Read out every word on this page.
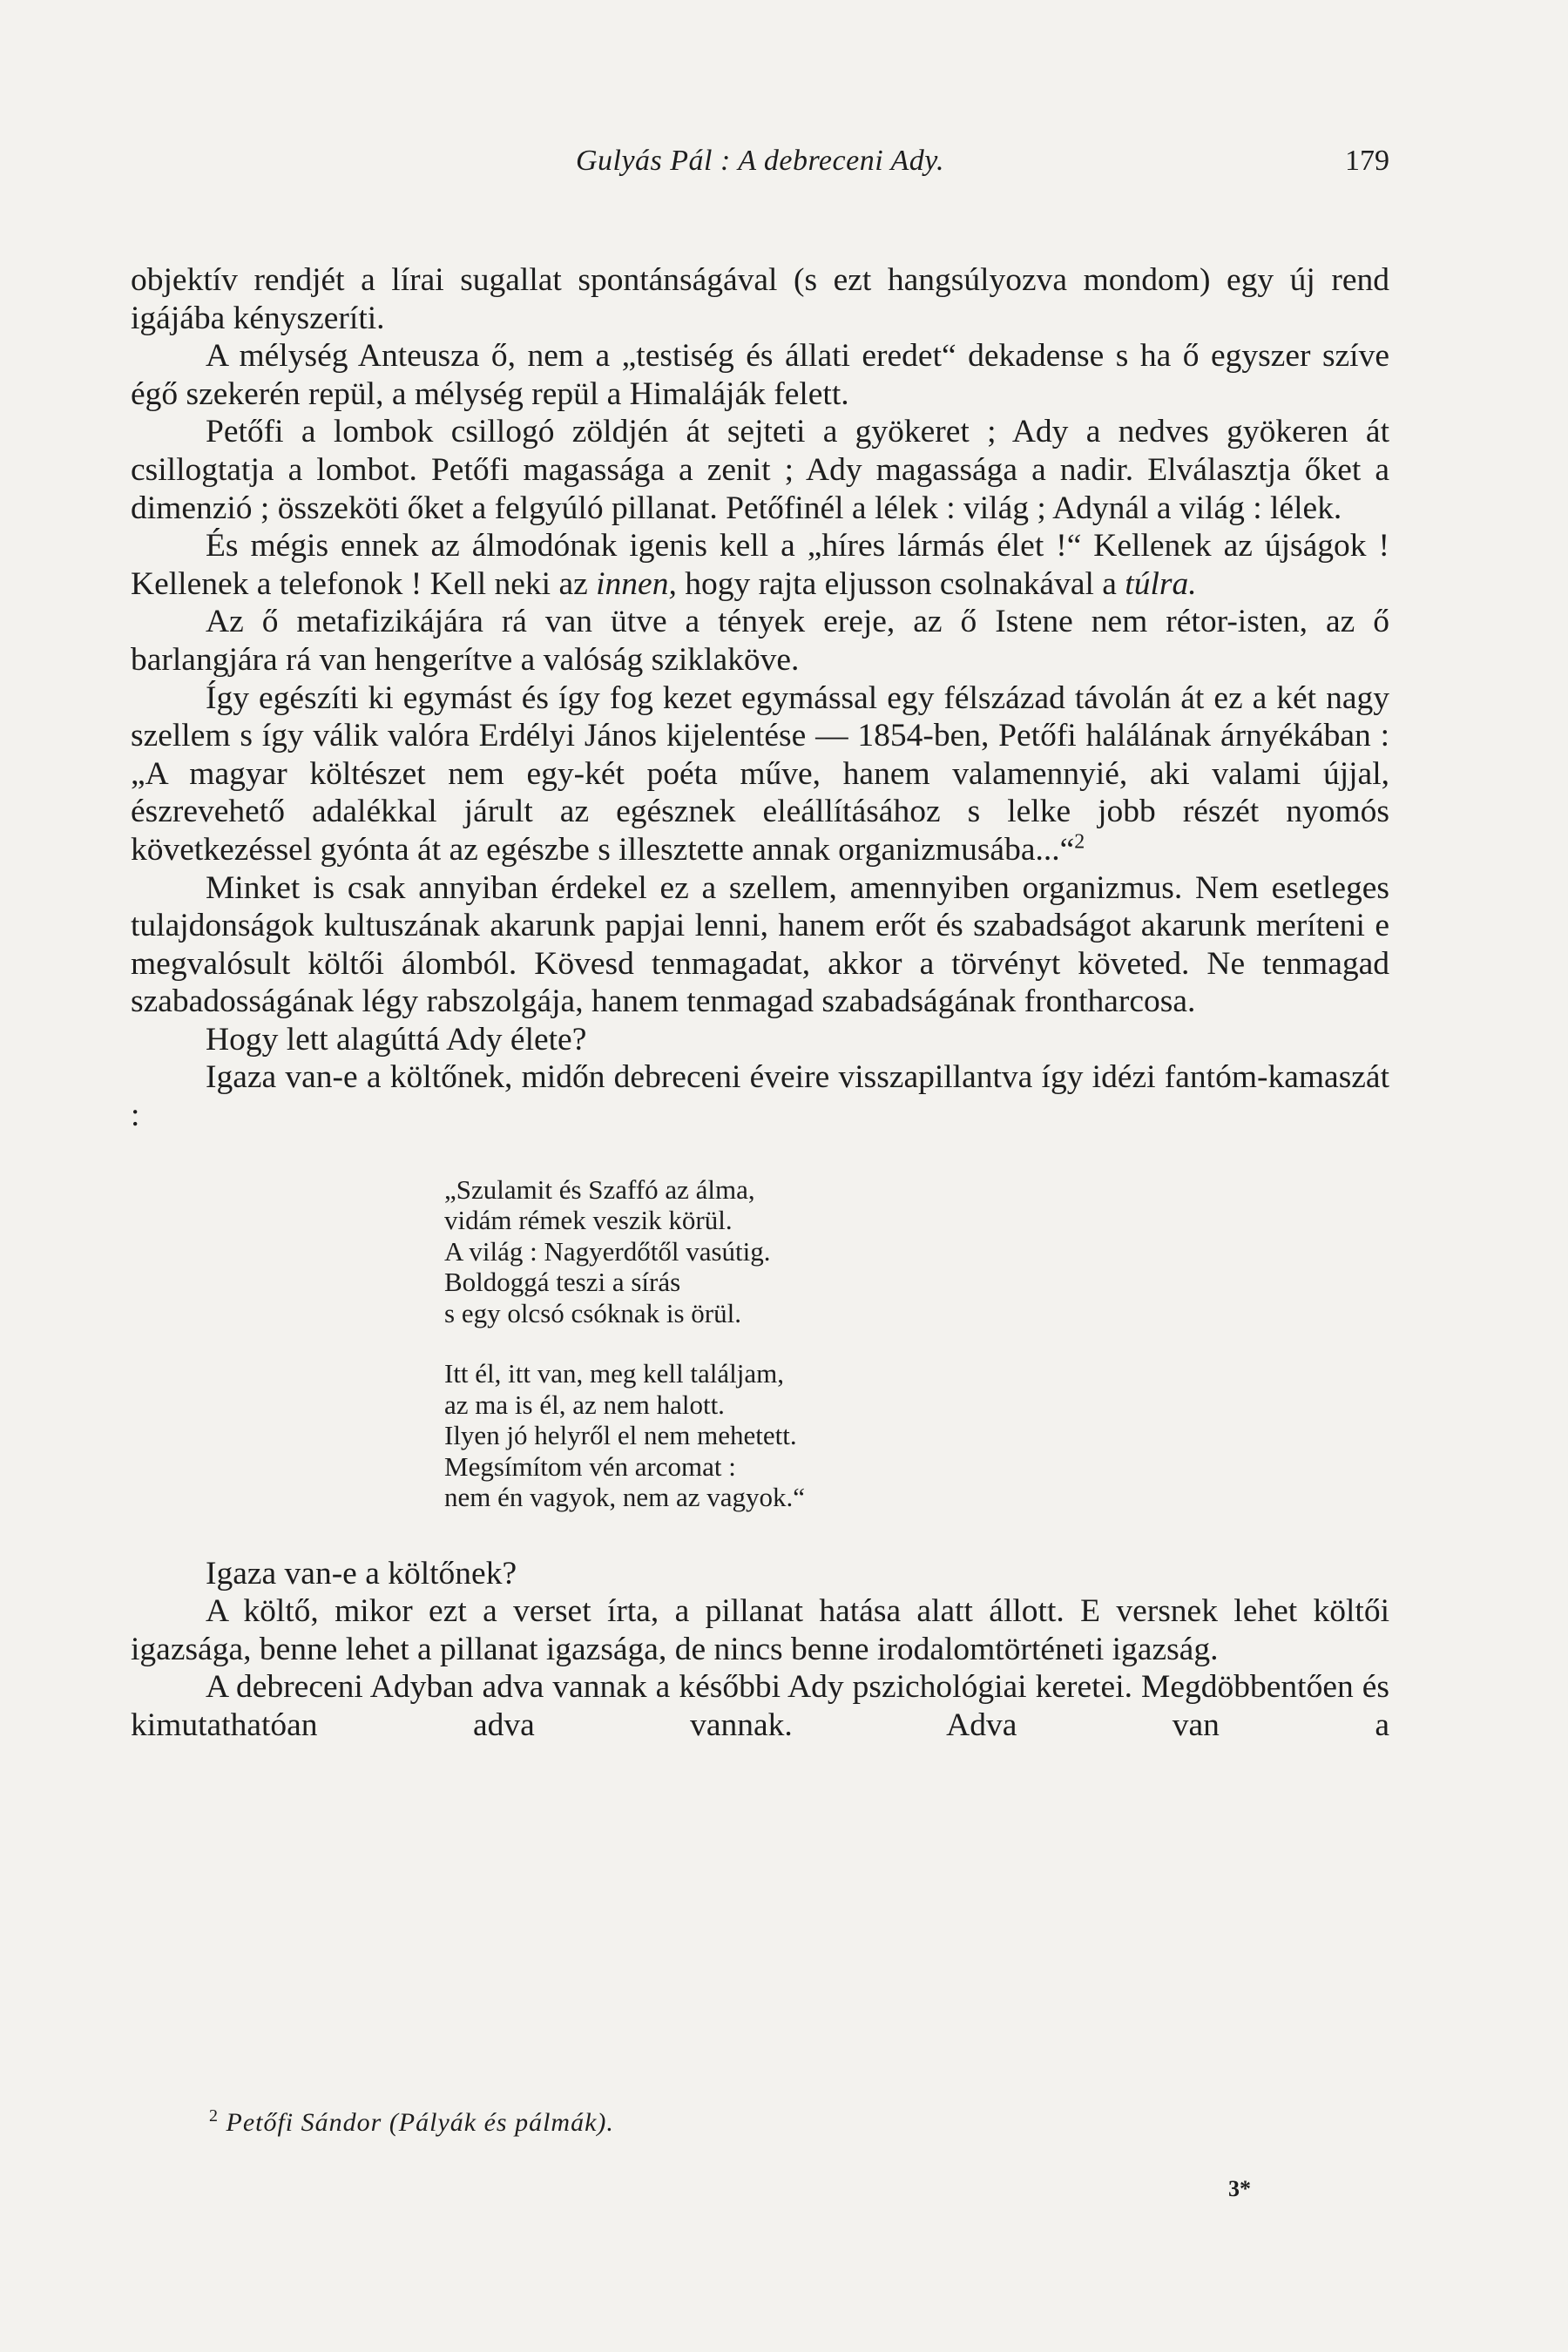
Gulyás Pál : A debreceni Ady.	179

objektív rendjét a lírai sugallat spontánságával (s ezt hangsúlyozva mondom) egy új rend igájába kényszeríti.

A mélység Anteusza ő, nem a „testiség és állati eredet“ dekadense s ha ő egyszer szíve égő szekerén repül, a mélység repül a Himaláják felett.

Petőfi a lombok csillogó zöldjén át sejteti a gyökeret ; Ady a nedves gyökeren át csillogtatja a lombot. Petőfi magassága a zenit ; Ady magassága a nadir. Elválasztja őket a dimenzió ; összeköti őket a felgyúló pillanat. Petőfinél a lélek : világ ; Adynál a világ : lélek.

És mégis ennek az álmodónak igenis kell a „híres lármás élet !“ Kellenek az újságok ! Kellenek a telefonok ! Kell neki az innen, hogy rajta eljusson csolnakával a túlra.

Az ő metafizikájára rá van ütve a tények ereje, az ő Istene nem rétor-isten, az ő barlangjára rá van hengerítve a valóság sziklaköve.

Így egészíti ki egymást és így fog kezet egymással egy félszázad távolán át ez a két nagy szellem s így válik valóra Erdélyi János kijelentése — 1854-ben, Petőfi halálának árnyékában : „A magyar költészet nem egy-két poéta műve, hanem valamennyié, aki valami újjal, észrevehető adalékkal járult az egésznek eleállításához s lelke jobb részét nyomós következéssel gyónta át az egészbe s illesztette annak organizmusába...“$^2$

Minket is csak annyiban érdekel ez a szellem, amennyiben organizmus. Nem esetleges tulajdonságok kultuszának akarunk papjai lenni, hanem erőt és szabadságot akarunk meríteni e megvalósult költői álomból. Kövesd tenmagadat, akkor a törvényt követed. Ne tenmagad szabadosságának légy rabszolgája, hanem tenmagad szabadságának frontharcosa.

Hogy lett alagúttá Ady élete?

Igaza van-e a költőnek, midőn debreceni éveire visszapillantva így idézi fantóm-kamaszát :

„Szulamit és Szaffó az álma,
vidám rémek veszik körül.
A világ : Nagyerdőtől vasútig.
Boldoggá teszi a sírás
s egy olcsó csóknak is örül.
Itt él, itt van, meg kell találjam,
az ma is él, az nem halott.
Ilyen jó helyről el nem mehetett.
Megsímítom vén arcomat :
nem én vagyok, nem az vagyok.“

Igaza van-e a költőnek?

A költő, mikor ezt a verset írta, a pillanat hatása alatt állott. E versnek lehet költői igazsága, benne lehet a pillanat igazsága, de nincs benne irodalomtörténeti igazság.

A debreceni Adyban adva vannak a későbbi Ady pszichológiai keretei. Megdöbbentően és kimutathatóan adva vannak. Adva van a

$^2$ Petőfi Sándor (Pályák és pálmák).
3*
